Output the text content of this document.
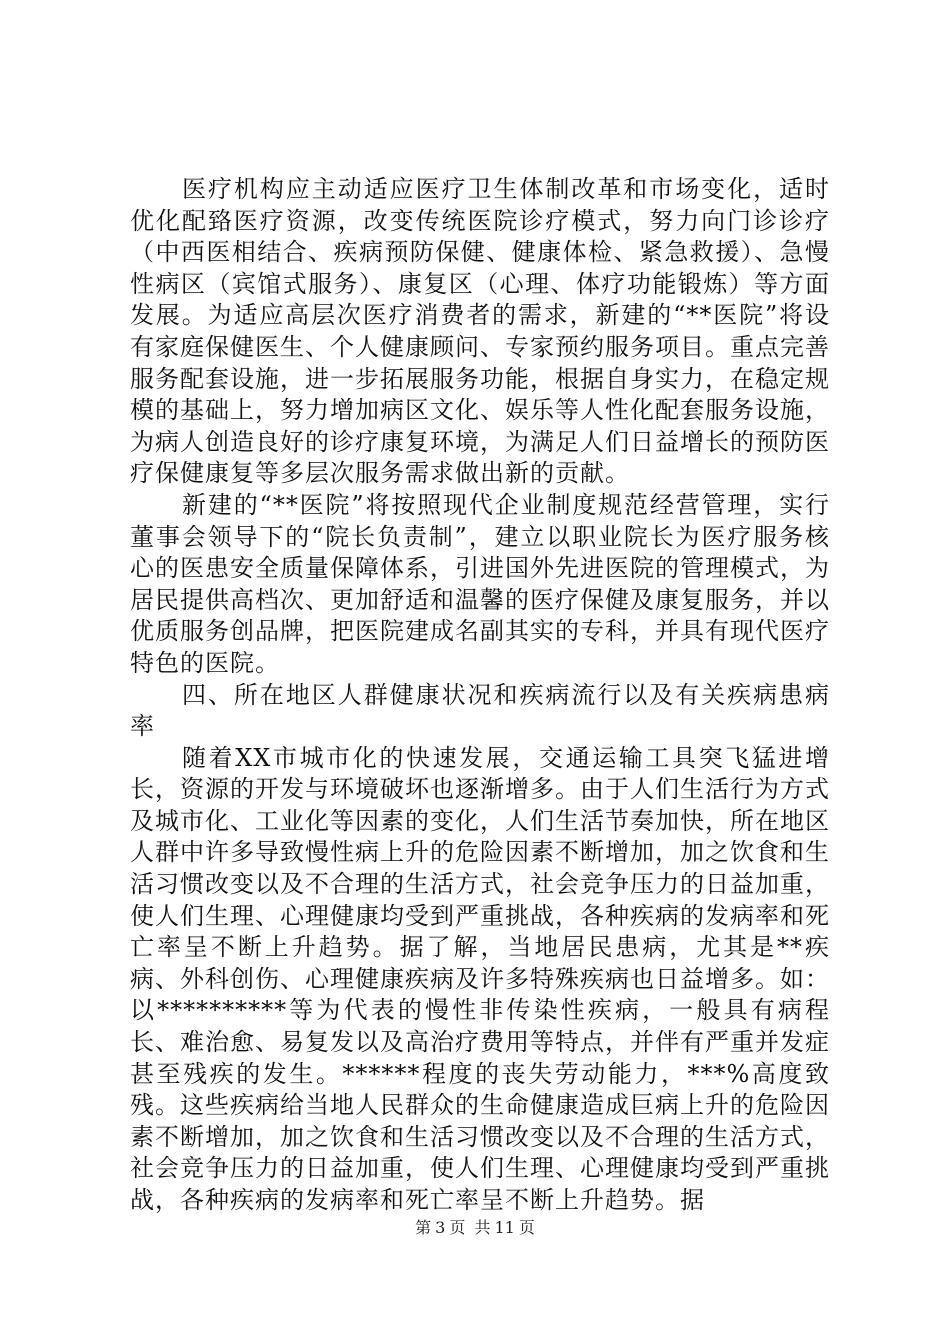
医疗机构应主动适应医疗卫生体制改革和市场变化，适时优化配臵医疗资源，改变传统医院诊疗模式，努力向门诊诊疗（中西医相结合、疾病预防保健、健康体检、紧急救援）、急慢性病区（宾馆式服务）、康复区（心理、体疗功能锻炼）等方面发展。为适应高层次医疗消费者的需求，新建的“**医院”将设有家庭保健医生、个人健康顾问、专家预约服务项目。重点完善服务配套设施，进一步拓展服务功能，根据自身实力，在稳定规模的基础上，努力增加病区文化、娱乐等人性化配套服务设施，为病人创造良好的诊疗康复环境，为满足人们日益增长的预防医疗保健康复等多层次服务需求做出新的贡献。

新建的“**医院”将按照现代企业制度规范经营管理，实行董事会领导下的“院长负责制”，建立以职业院长为医疗服务核心的医患安全质量保障体系，引进国外先进医院的管理模式，为居民提供高档次、更加舒适和温馨的医疗保健及康复服务，并以优质服务创品牌，把医院建成名副其实的专科，并具有现代医疗特色的医院。

四、所在地区人群健康状况和疾病流行以及有关疾病患病率

随着XX市城市化的快速发展，交通运输工具突飞猛进增长，资源的开发与环境破坏也逐渐增多。由于人们生活行为方式及城市化、工业化等因素的变化，人们生活节奏加快，所在地区人群中许多导致慢性病上升的危险因素不断增加，加之饮食和生活习惯改变以及不合理的生活方式，社会竞争压力的日益加重，使人们生理、心理健康均受到严重挑战，各种疾病的发病率和死亡率呈不断上升趋势。据了解，当地居民患病，尤其是**疾病、外科创伤、心理健康疾病及许多特殊疾病也日益增多。如：以**********等为代表的慢性非传染性疾病，一般具有病程长、难治愈、易复发以及高治疗费用等特点，并伴有严重并发症甚至残疾的发生。******程度的丧失劳动能力，***%高度致残。这些疾病给当地人民群众的生命健康造成巨病上升的危险因素不断增加，加之饮食和生活习惯改变以及不合理的生活方式，社会竞争压力的日益加重，使人们生理、心理健康均受到严重挑战，各种疾病的发病率和死亡率呈不断上升趋势。据

第 3 页 共 11 页
